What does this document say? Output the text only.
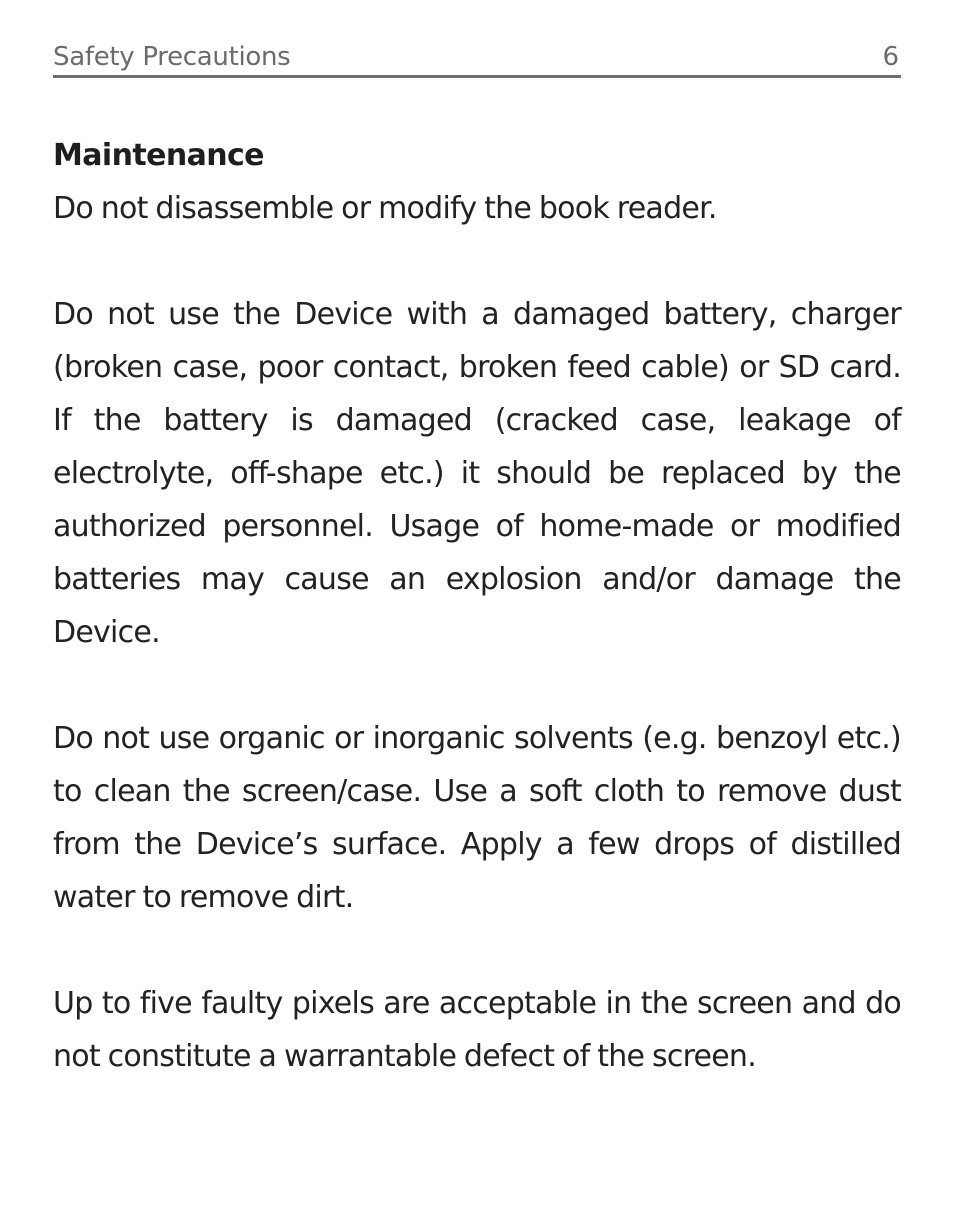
Safety Precautions	6
Maintenance

Do not disassemble or modify the book reader.

Do not use the Device with a damaged battery, charger (broken case, poor contact, broken feed cable) or SD card. If the battery is damaged (cracked case, leakage of electrolyte, off-shape etc.) it should be replaced by the authorized personnel. Usage of home-made or modified batteries may cause an explosion and/or damage the Device.

Do not use organic or inorganic solvents (e.g. benzoyl etc.) to clean the screen/case. Use a soft cloth to remove dust from the Device’s surface. Apply a few drops of distilled water to remove dirt.

Up to five faulty pixels are acceptable in the screen and do not constitute a warrantable defect of the screen.
